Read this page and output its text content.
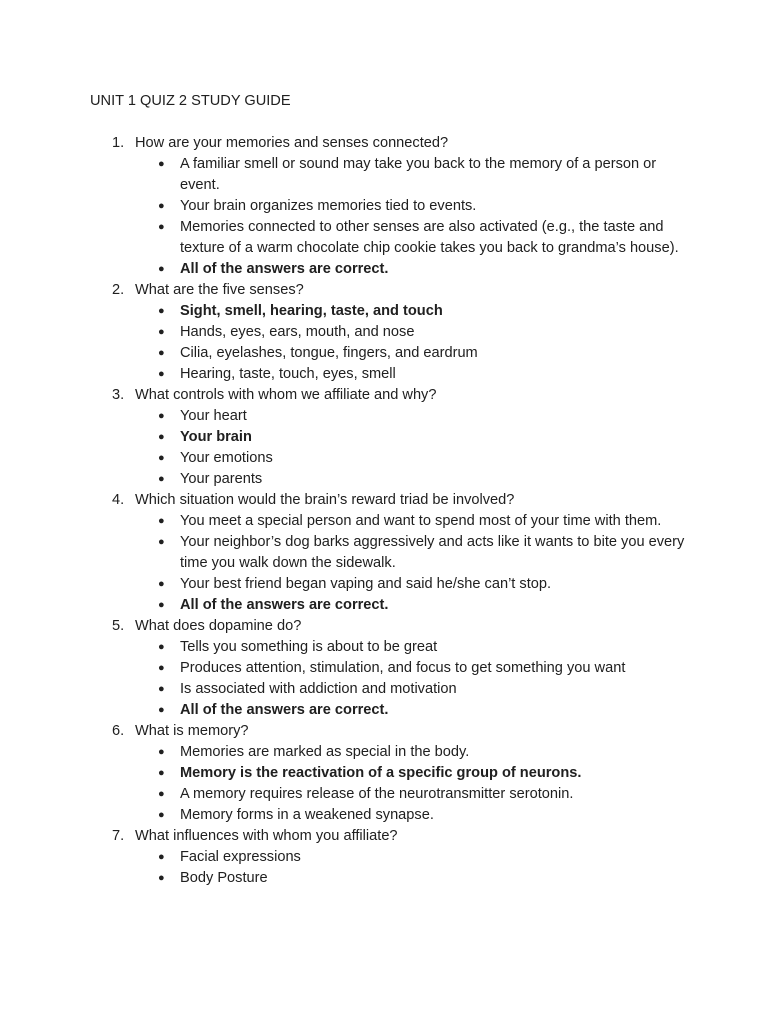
UNIT 1 QUIZ 2 STUDY GUIDE
1. How are your memories and senses connected?
● A familiar smell or sound may take you back to the memory of a person or event.
● Your brain organizes memories tied to events.
● Memories connected to other senses are also activated (e.g., the taste and texture of a warm chocolate chip cookie takes you back to grandma’s house).
● All of the answers are correct.
2. What are the five senses?
● Sight, smell, hearing, taste, and touch
● Hands, eyes, ears, mouth, and nose
● Cilia, eyelashes, tongue, fingers, and eardrum
● Hearing, taste, touch, eyes, smell
3. What controls with whom we affiliate and why?
● Your heart
● Your brain
● Your emotions
● Your parents
4. Which situation would the brain’s reward triad be involved?
● You meet a special person and want to spend most of your time with them.
● Your neighbor’s dog barks aggressively and acts like it wants to bite you every time you walk down the sidewalk.
● Your best friend began vaping and said he/she can’t stop.
● All of the answers are correct.
5. What does dopamine do?
● Tells you something is about to be great
● Produces attention, stimulation, and focus to get something you want
● Is associated with addiction and motivation
● All of the answers are correct.
6. What is memory?
● Memories are marked as special in the body.
● Memory is the reactivation of a specific group of neurons.
● A memory requires release of the neurotransmitter serotonin.
● Memory forms in a weakened synapse.
7. What influences with whom you affiliate?
● Facial expressions
● Body Posture
